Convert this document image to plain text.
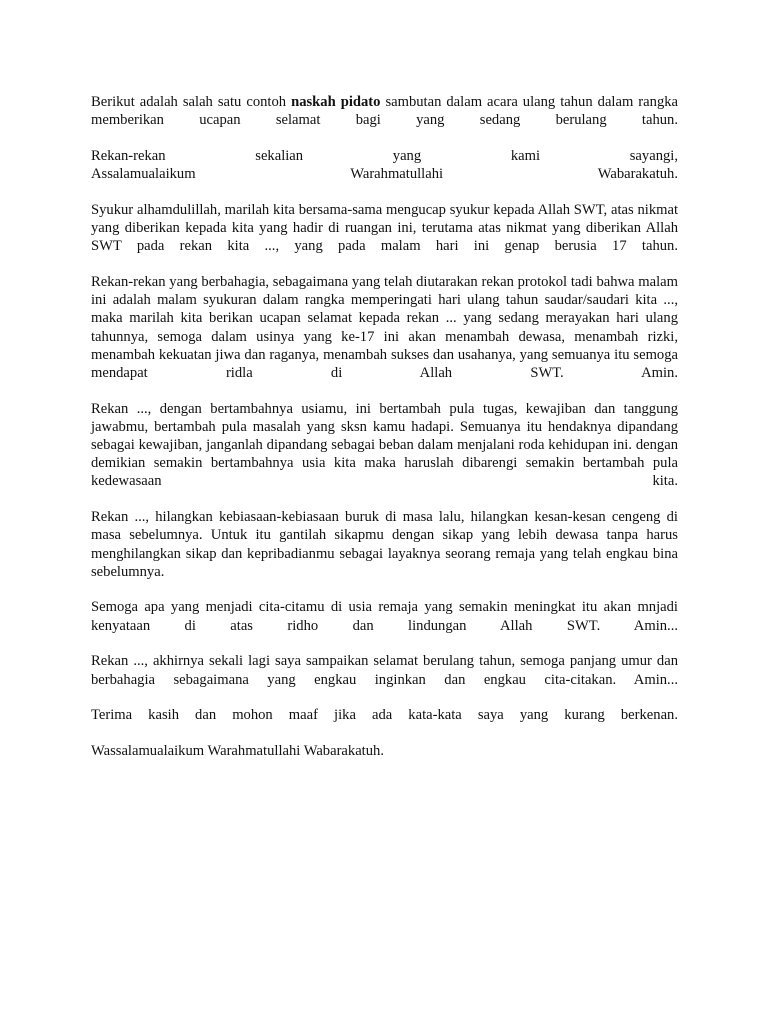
Berikut adalah salah satu contoh naskah pidato sambutan dalam acara ulang tahun dalam rangka memberikan ucapan selamat bagi yang sedang berulang tahun.

Rekan-rekan sekalian yang kami sayangi,
Assalamualaikum Warahmatullahi Wabarakatuh.

Syukur alhamdulillah, marilah kita bersama-sama mengucap syukur kepada Allah SWT, atas nikmat yang diberikan kepada kita yang hadir di ruangan ini, terutama atas nikmat yang diberikan Allah SWT pada rekan kita ..., yang pada malam hari ini genap berusia 17 tahun.

Rekan-rekan yang berbahagia, sebagaimana yang telah diutarakan rekan protokol tadi bahwa malam ini adalah malam syukuran dalam rangka memperingati hari ulang tahun saudar/saudari kita ..., maka marilah kita berikan ucapan selamat kepada rekan ... yang sedang merayakan hari ulang tahunnya, semoga dalam usinya yang ke-17 ini akan menambah dewasa, menambah rizki, menambah kekuatan jiwa dan raganya, menambah sukses dan usahanya, yang semuanya itu semoga mendapat ridla di Allah SWT. Amin.

Rekan ..., dengan bertambahnya usiamu, ini bertambah pula tugas, kewajiban dan tanggung jawabmu, bertambah pula masalah yang sksn kamu hadapi. Semuanya itu hendaknya dipandang sebagai kewajiban, janganlah dipandang sebagai beban dalam menjalani roda kehidupan ini. dengan demikian semakin bertambahnya usia kita maka haruslah dibarengi semakin bertambah pula kedewasaan kita.

Rekan ..., hilangkan kebiasaan-kebiasaan buruk di masa lalu, hilangkan kesan-kesan cengeng di masa sebelumnya. Untuk itu gantilah sikapmu dengan sikap yang lebih dewasa tanpa harus menghilangkan sikap dan kepribadianmu sebagai layaknya seorang remaja yang telah engkau bina sebelumnya.

Semoga apa yang menjadi cita-citamu di usia remaja yang semakin meningkat itu akan mnjadi kenyataan di atas ridho dan lindungan Allah SWT. Amin...

Rekan ..., akhirnya sekali lagi saya sampaikan selamat berulang tahun, semoga panjang umur dan berbahagia sebagaimana yang engkau inginkan dan engkau cita-citakan. Amin...

Terima kasih dan mohon maaf jika ada kata-kata saya yang kurang berkenan.

Wassalamualaikum Warahmatullahi Wabarakatuh.
